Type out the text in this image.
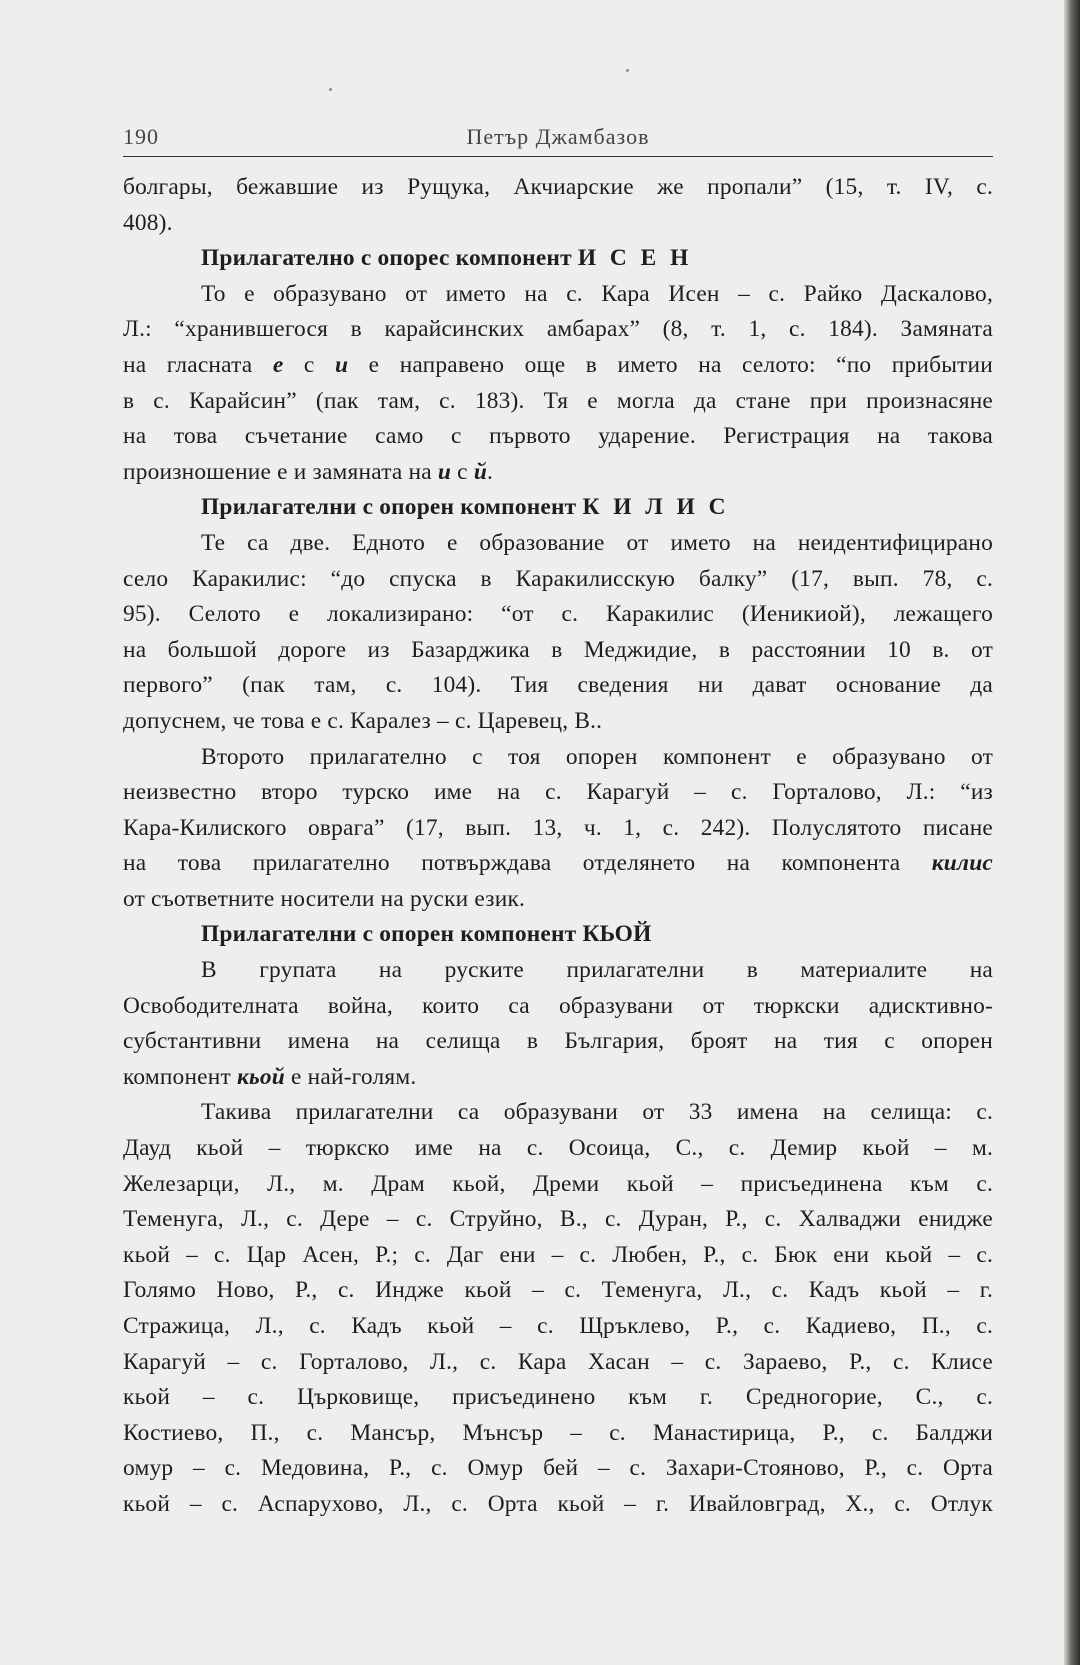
190	Петър Джамбазов

болгары, бежавшие из Рущука, Акчиарские же пропали” (15, т. IV, с.
408).

Прилагателно с опорес компонент И С Е Н

То е образувано от името на с. Кара Исен – с. Райко Даскалово,
Л.: “хранившегося в карайсинских амбарах” (8, т. 1, с. 184). Замяната
на гласната е с и е направено още в името на селото: “по прибытии
в с. Карайсин” (пак там, с. 183). Тя е могла да стане при произнасяне
на това съчетание само с първото ударение. Регистрация на такова
произношение е и замяната на и с й.

Прилагателни с опорен компонент К И Л И С

Те са две. Едното е образование от името на неидентифицирано
село Каракилис: “до спуска в Каракилисскую балку” (17, вып. 78, с.
95). Селото е локализирано: “от с. Каракилис (Иеникиой), лежащего
на большой дороге из Базарджика в Меджидие, в расстоянии 10 в. от
первого” (пак там, с. 104). Тия сведения ни дават основание да
допуснем, че това е с. Каралез – с. Царевец, В..

Второто прилагателно с тоя опорен компонент е образувано от
неизвестно второ турско име на с. Карагуй – с. Горталово, Л.: “из
Кара-Килиского оврага” (17, вып. 13, ч. 1, с. 242). Полуслятото писане
на това прилагателно потвърждава отделянето на компонента килис
от съответните носители на руски език.

Прилагателни с опорен компонент КЬОЙ

В групата на руските прилагателни в материалите на
Освободителната война, които са образувани от тюркски адисктивно-
субстантивни имена на селища в България, броят на тия с опорен
компонент кьой е най-голям.

Такива прилагателни са образувани от 33 имена на селища: с.
Дауд кьой – тюркско име на с. Осоица, С., с. Демир кьой – м.
Железарци, Л., м. Драм кьой, Дреми кьой – присъединена към с.
Теменуга, Л., с. Дере – с. Струйно, В., с. Дуран, Р., с. Халваджи енидже
кьой – с. Цар Асен, Р.; с. Даг ени – с. Любен, Р., с. Бюк ени кьой – с.
Голямо Ново, Р., с. Инджe кьой – с. Теменуга, Л., с. Кадъ кьой – г.
Стражица, Л., с. Кадъ кьой – с. Щръклево, Р., с. Кадиево, П., с.
Карагуй – с. Горталово, Л., с. Кара Хасан – с. Зараево, Р., с. Клисе
кьой – с. Църковище, присъединено към г. Средногорие, С., с.
Костиево, П., с. Мансър, Мънсър – с. Манастирица, Р., с. Балджи
омур – с. Медовина, Р., с. Омур бей – с. Захари-Стояново, Р., с. Орта
кьой – с. Аспарухово, Л., с. Орта кьой – г. Ивайловград, Х., с. Отлук
